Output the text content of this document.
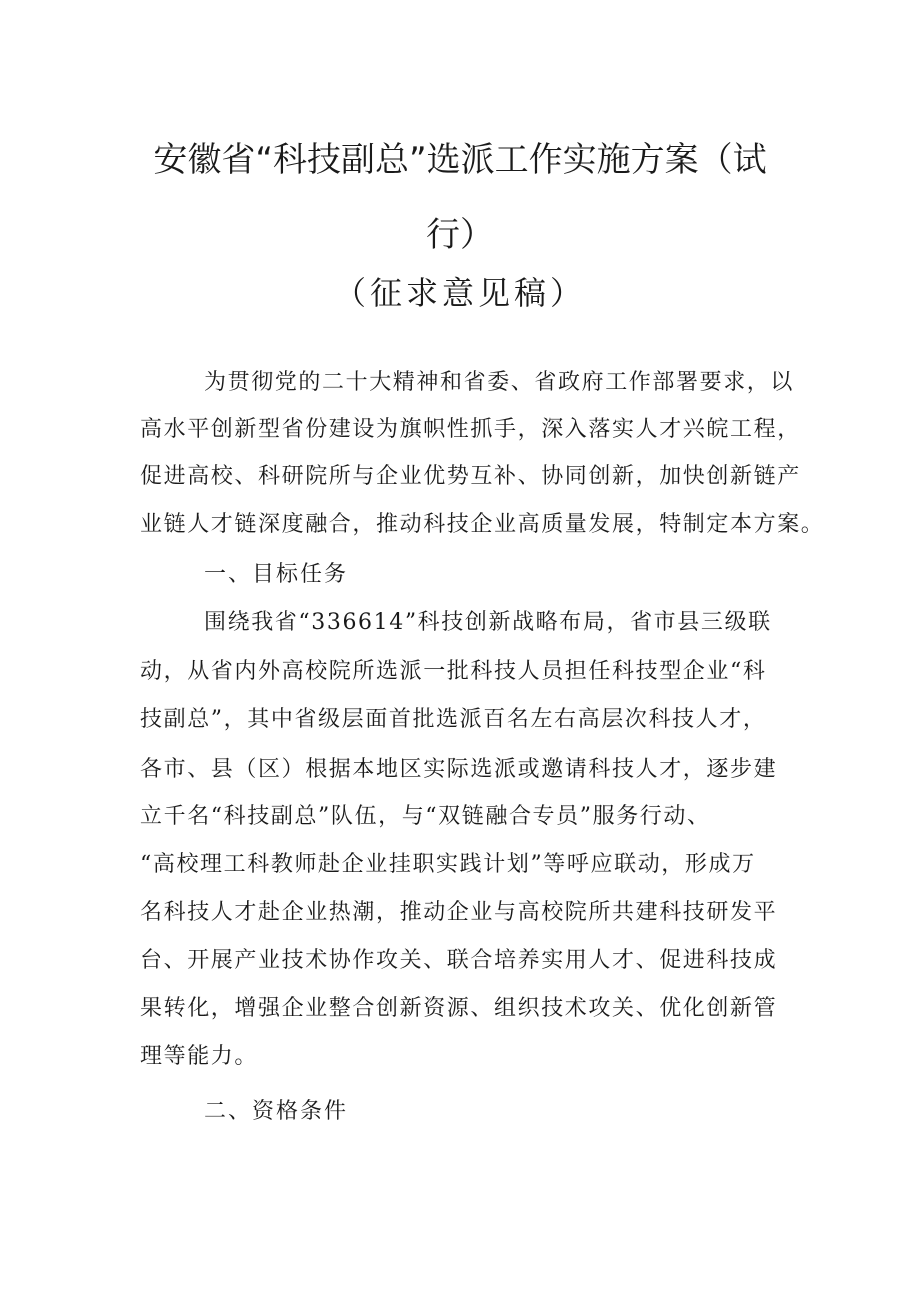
安徽省“科技副总”选派工作实施方案（试
行）
（征求意见稿）
为贯彻党的二十大精神和省委、省政府工作部署要求，以
高水平创新型省份建设为旗帜性抓手，深入落实人才兴皖工程，
促进高校、科研院所与企业优势互补、协同创新，加快创新链产
业链人才链深度融合，推动科技企业高质量发展，特制定本方案。
一、目标任务
围绕我省“336614”科技创新战略布局，省市县三级联
动，从省内外高校院所选派一批科技人员担任科技型企业“科
技副总”，其中省级层面首批选派百名左右高层次科技人才，
各市、县（区）根据本地区实际选派或邀请科技人才，逐步建
立千名“科技副总”队伍，与“双链融合专员”服务行动、
“高校理工科教师赴企业挂职实践计划”等呼应联动，形成万
名科技人才赴企业热潮，推动企业与高校院所共建科技研发平
台、开展产业技术协作攻关、联合培养实用人才、促进科技成
果转化，增强企业整合创新资源、组织技术攻关、优化创新管
理等能力。
二、资格条件
